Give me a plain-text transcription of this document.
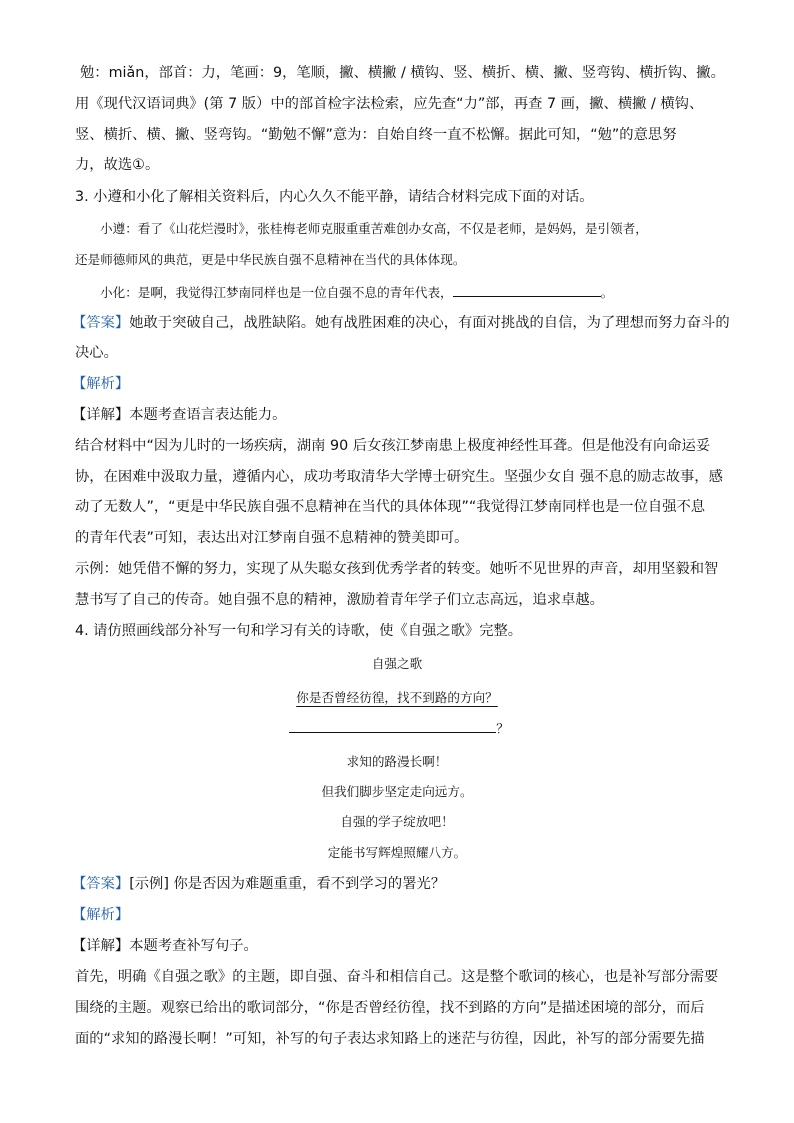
勉：miǎn，部首：力，笔画：9，笔顺，撇、横撇 / 横钩、竖、横折、横、撇、竖弯钩、横折钩、撇。
用《现代汉语词典》(第 7 版）中的部首检字法检索，应先查“力”部，再查 7 画，撇、横撇 / 横钩、
竖、横折、横、撇、竖弯钩。“勤勉不懈”意为：自始自终一直不松懈。据此可知，“勉”的意思努
力，故选①。
3. 小遵和小化了解相关资料后，内心久久不能平静，请结合材料完成下面的对话。
小遵：看了《山花烂漫时》，张桂梅老师克服重重苦难创办女高，不仅是老师，是妈妈，是引领者，
还是师德师风的典范，更是中华民族自强不息精神在当代的具体体现。
小化：是啊，我觉得江梦南同样也是一位自强不息的青年代表，	。
【答案】她敢于突破自己，战胜缺陷。她有战胜困难的决心，有面对挑战的自信，为了理想而努力奋斗的
决心。
【解析】
【详解】本题考查语言表达能力。
结合材料中“因为儿时的一场疾病，湖南 90 后女孩江梦南患上极度神经性耳聋。但是他没有向命运妥
协，在困难中汲取力量，遵循内心，成功考取清华大学博士研究生。坚强少女自 强不息的励志故事，感
动了无数人”，“更是中华民族自强不息精神在当代的具体体现”“我觉得江梦南同样也是一位自强不息
的青年代表”可知，表达出对江梦南自强不息精神的赞美即可。
示例：她凭借不懈的努力，实现了从失聪女孩到优秀学者的转变。她听不见世界的声音，却用坚毅和智
慧书写了自己的传奇。她自强不息的精神，激励着青年学子们立志高远，追求卓越。
4. 请仿照画线部分补写一句和学习有关的诗歌，使《自强之歌》完整。
自强之歌
你是否曾经彷徨，找不到路的方向？
？
求知的路漫长啊！
但我们脚步坚定走向远方。
自强的学子绽放吧！
定能书写辉煌照耀八方。
【答案】[示例] 你是否因为难题重重，看不到学习的署光？
【解析】
【详解】本题考查补写句子。
首先，明确《自强之歌》的主题，即自强、奋斗和相信自己。这是整个歌词的核心，也是补写部分需要
围绕的主题。观察已给出的歌词部分，“你是否曾经彷徨，找不到路的方向”是描述困境的部分，而后
面的“求知的路漫长啊！”可知，补写的句子表达求知路上的迷茫与彷徨，因此，补写的部分需要先描
